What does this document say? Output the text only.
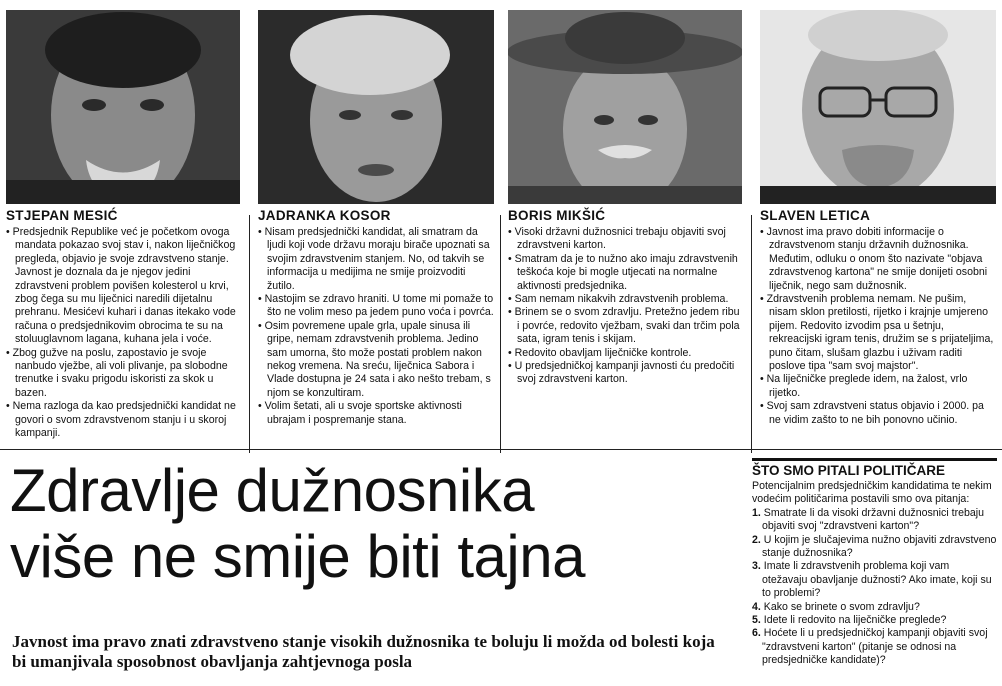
STJEPAN MESIĆ

• Predsjednik Republike već je početkom ovoga mandata pokazao svoj stav i, nakon liječničkog pregleda, objavio je svoje zdravstveno stanje. Javnost je doznala da je njegov jedini zdravstveni problem povišen kolesterol u krvi, zbog čega su mu liječnici naredili dijetalnu prehranu. Mesićevi kuhari i danas itekako vode računa o predsjednikovim obrocima te su na stoluuglavnom lagana, kuhana jela i voće.

• Zbog gužve na poslu, zapostavio je svoje nanbudo vježbe, ali voli plivanje, pa slobodne trenutke i svaku prigodu iskoristi za skok u bazen.

• Nema razloga da kao predsjednički kandidat ne govori o svom zdravstvenom stanju i u skoroj kampanji.

JADRANKA KOSOR

• Nisam predsjednički kandidat, ali smatram da ljudi koji vode državu moraju birače upoznati sa svojim zdravstvenim stanjem. No, od takvih se informacija u medijima ne smije proizvoditi žutilo.

• Nastojim se zdravo hraniti. U tome mi pomaže to što ne volim meso pa jedem puno voća i povrća.

• Osim povremene upale grla, upale sinusa ili gripe, nemam zdravstvenih problema. Jedino sam umorna, što može postati problem nakon nekog vremena. Na sreću, liječnica Sabora i Vlade dostupna je 24 sata i ako nešto trebam, s njom se konzultiram.

• Volim šetati, ali u svoje sportske aktivnosti ubrajam i pospremanje stana.

BORIS MIKŠIĆ

• Visoki državni dužnosnici trebaju objaviti svoj zdravstveni karton.

• Smatram da je to nužno ako imaju zdravstvenih teškoća koje bi mogle utjecati na normalne aktivnosti predsjednika.

• Sam nemam nikakvih zdravstvenih problema.

• Brinem se o svom zdravlju. Pretežno jedem ribu i povrće, redovito vježbam, svaki dan trčim pola sata, igram tenis i skijam.

• Redovito obavljam liječničke kontrole.

• U predsjedničkoj kampanji javnosti ću predočiti svoj zdravstveni karton.

SLAVEN LETICA

• Javnost ima pravo dobiti informacije o zdravstvenom stanju državnih dužnosnika. Međutim, odluku o onom što nazivate "objava zdravstvenog kartona" ne smije donijeti osobni liječnik, nego sam dužnosnik.

• Zdravstvenih problema nemam. Ne pušim, nisam sklon pretilosti, rijetko i krajnje umjereno pijem. Redovito izvodim psa u šetnju, rekreacijski igram tenis, družim se s prijateljima, puno čitam, slušam glazbu i uživam raditi poslove tipa "sam svoj majstor".

• Na liječničke preglede idem, na žalost, vrlo rijetko.

• Svoj sam zdravstveni status objavio i 2000. pa ne vidim zašto to ne bih ponovno učinio.

Zdravlje dužnosnika
više ne smije biti tajna
Javnost ima pravo znati zdravstveno stanje visokih dužnosnika te boluju li možda od bolesti koja bi umanjivala sposobnost obavljanja zahtjevnoga posla
ŠTO SMO PITALI POLITIČARE
Potencijalnim predsjedničkim kandidatima te nekim vodećim političarima postavili smo ova pitanja:

1. Smatrate li da visoki državni dužnosnici trebaju objaviti svoj "zdravstveni karton"?

2. U kojim je slučajevima nužno objaviti zdravstveno stanje dužnosnika?

3. Imate li zdravstvenih problema koji vam otežavaju obavljanje dužnosti? Ako imate, koji su to problemi?

4. Kako se brinete o svom zdravlju?

5. Idete li redovito na liječničke preglede?

6. Hoćete li u predsjedničkoj kampanji objaviti svoj "zdravstveni karton" (pitanje se odnosi na predsjedničke kandidate)?
